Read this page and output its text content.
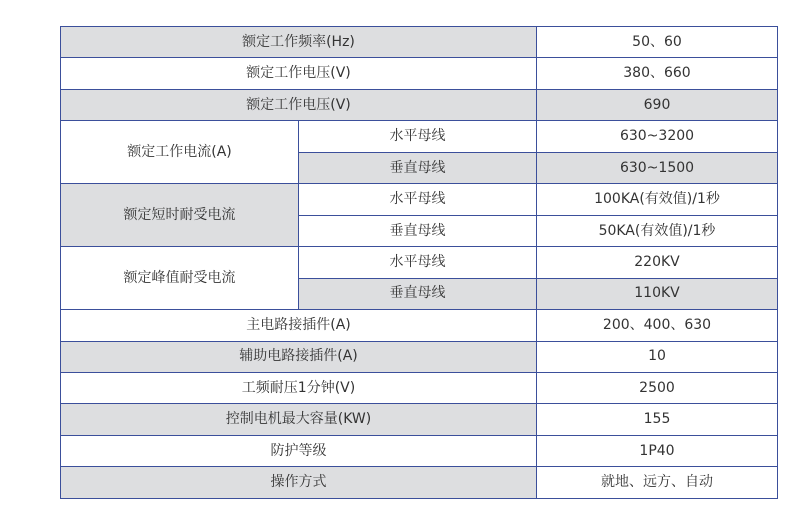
额定工作频率(Hz)		50、60
额定工作电压(V)		380、660
额定工作电压(V)		690
额定工作电流(A)	水平母线	630~3200
	垂直母线	630~1500
额定短时耐受电流	水平母线	100KA(有效值)/1秒
	垂直母线	50KA(有效值)/1秒
额定峰值耐受电流	水平母线	220KV
	垂直母线	110KV
主电路接插件(A)		200、400、630
辅助电路接插件(A)		10
工频耐压1分钟(V)		2500
控制电机最大容量(KW)		155
防护等级		1P40
操作方式		就地、远方、自动
